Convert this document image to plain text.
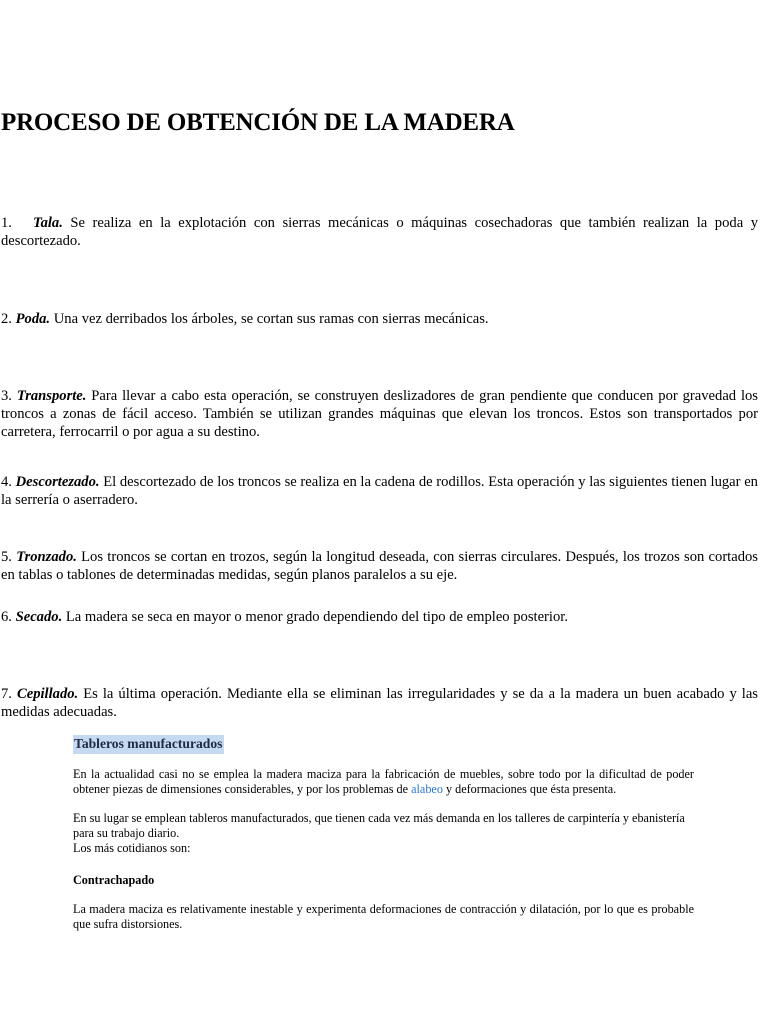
PROCESO DE OBTENCIÓN DE LA MADERA

1. Tala. Se realiza en la explotación con sierras mecánicas o máquinas cosechadoras que también realizan la poda y descortezado.

2. Poda. Una vez derribados los árboles, se cortan sus ramas con sierras mecánicas.

3. Transporte. Para llevar a cabo esta operación, se construyen deslizadores de gran pendiente que conducen por gravedad los troncos a zonas de fácil acceso. También se utilizan grandes máquinas que elevan los troncos. Estos son transportados por carretera, ferrocarril o por agua a su destino.

4. Descortezado. El descortezado de los troncos se realiza en la cadena de rodillos. Esta operación y las siguientes tienen lugar en la serrería o aserradero.

5. Tronzado. Los troncos se cortan en trozos, según la longitud deseada, con sierras circulares. Después, los trozos son cortados en tablas o tablones de determinadas medidas, según planos paralelos a su eje.

6. Secado. La madera se seca en mayor o menor grado dependiendo del tipo de empleo posterior.

7. Cepillado. Es la última operación. Mediante ella se eliminan las irregularidades y se da a la madera un buen acabado y las medidas adecuadas.

Tableros manufacturados
En la actualidad casi no se emplea la madera maciza para la fabricación de muebles, sobre todo por la dificultad de poder obtener piezas de dimensiones considerables, y por los problemas de alabeo y deformaciones que ésta presenta.
En su lugar se emplean tableros manufacturados, que tienen cada vez más demanda en los talleres de carpintería y ebanistería para su trabajo diario.
Los más cotidianos son:
Contrachapado
La madera maciza es relativamente inestable y experimenta deformaciones de contracción y dilatación, por lo que es probable que sufra distorsiones.
